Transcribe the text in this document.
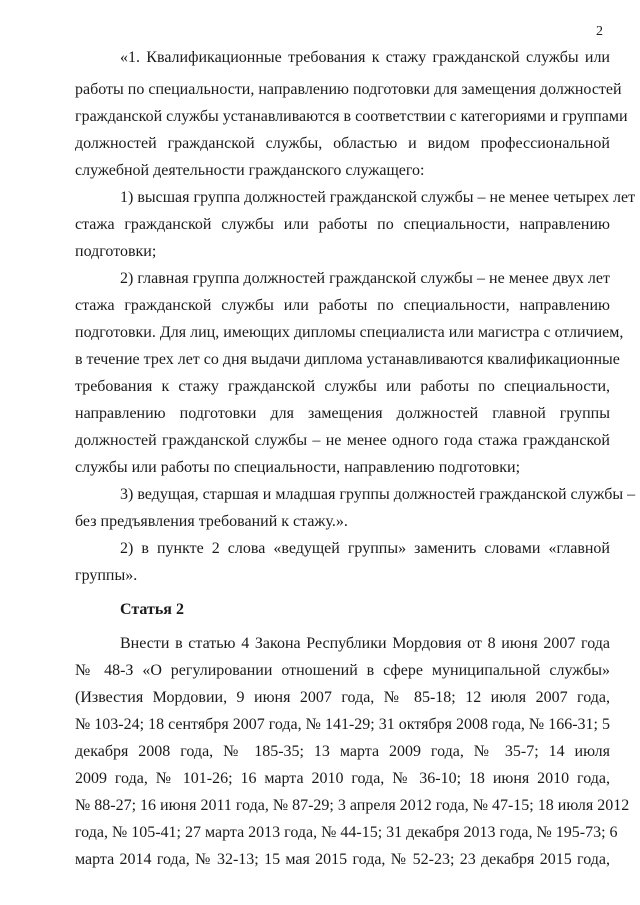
2
«1. Квалификационные требования к стажу гражданской службы или
работы по специальности, направлению подготовки для замещения должностей
гражданской службы устанавливаются в соответствии с категориями и группами
должностей гражданской службы, областью и видом профессиональной
служебной деятельности гражданского служащего:
1) высшая группа должностей гражданской службы – не менее четырех лет
стажа гражданской службы или работы по специальности, направлению
подготовки;
2) главная группа должностей гражданской службы – не менее двух лет
стажа гражданской службы или работы по специальности, направлению
подготовки. Для лиц, имеющих дипломы специалиста или магистра с отличием,
в течение трех лет со дня выдачи диплома устанавливаются квалификационные
требования к стажу гражданской службы или работы по специальности,
направлению подготовки для замещения должностей главной группы
должностей гражданской службы – не менее одного года стажа гражданской
службы или работы по специальности, направлению подготовки;
3) ведущая, старшая и младшая группы должностей гражданской службы –
без предъявления требований к стажу.».
2) в пункте 2 слова «ведущей группы» заменить словами «главной
группы».
Статья 2
Внести в статью 4 Закона Республики Мордовия от 8 июня 2007 года
№ 48-З «О регулировании отношений в сфере муниципальной службы»
(Известия Мордовии, 9 июня 2007 года, № 85-18; 12 июля 2007 года,
№ 103-24; 18 сентября 2007 года, № 141-29; 31 октября 2008 года, № 166-31; 5
декабря 2008 года, № 185-35; 13 марта 2009 года, № 35-7; 14 июля
2009 года, № 101-26; 16 марта 2010 года, № 36-10; 18 июня 2010 года,
№ 88-27; 16 июня 2011 года, № 87-29; 3 апреля 2012 года, № 47-15; 18 июля 2012
года, № 105-41; 27 марта 2013 года, № 44-15; 31 декабря 2013 года, № 195-73; 6
марта 2014 года, № 32-13; 15 мая 2015 года, № 52-23; 23 декабря 2015 года,
